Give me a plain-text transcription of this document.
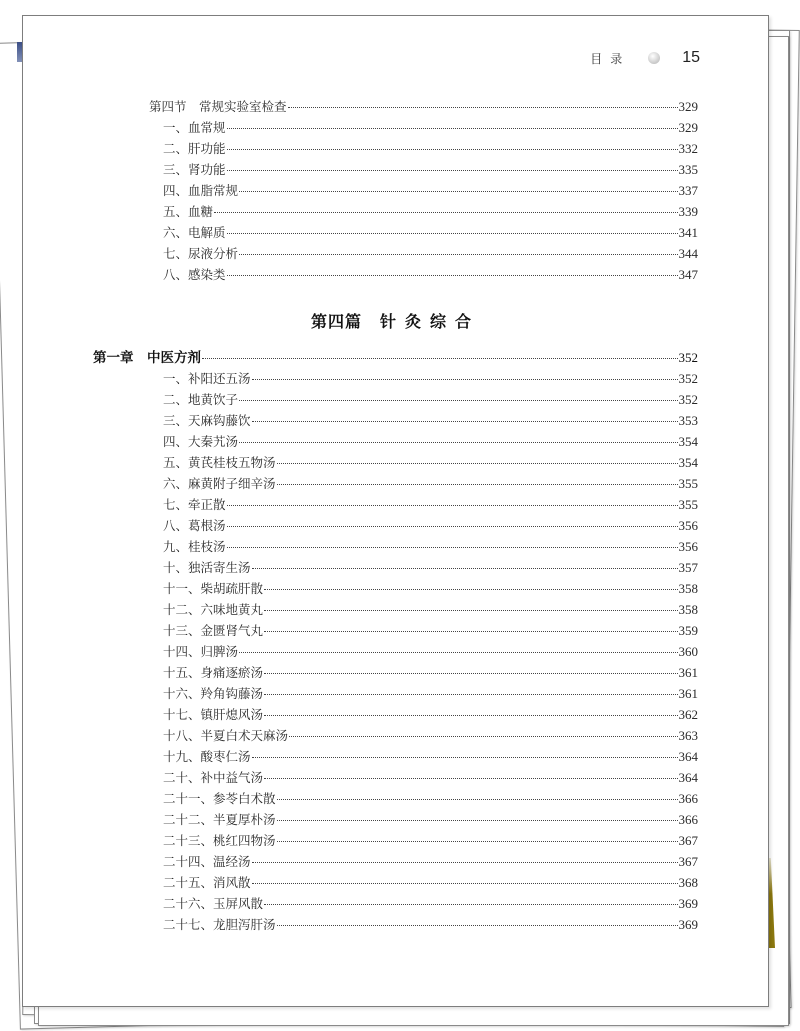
目录	15
第四节　常规实验室检查	329
一、血常规	329
二、肝功能	332
三、肾功能	335
四、血脂常规	337
五、血糖	339
六、电解质	341
七、尿液分析	344
八、感染类	347
第四篇 针灸综合
第一章　中医方剂	352
一、补阳还五汤	352
二、地黄饮子	352
三、天麻钩藤饮	353
四、大秦艽汤	354
五、黄芪桂枝五物汤	354
六、麻黄附子细辛汤	355
七、牵正散	355
八、葛根汤	356
九、桂枝汤	356
十、独活寄生汤	357
十一、柴胡疏肝散	358
十二、六味地黄丸	358
十三、金匮肾气丸	359
十四、归脾汤	360
十五、身痛逐瘀汤	361
十六、羚角钩藤汤	361
十七、镇肝熄风汤	362
十八、半夏白术天麻汤	363
十九、酸枣仁汤	364
二十、补中益气汤	364
二十一、参苓白术散	366
二十二、半夏厚朴汤	366
二十三、桃红四物汤	367
二十四、温经汤	367
二十五、消风散	368
二十六、玉屏风散	369
二十七、龙胆泻肝汤	369
